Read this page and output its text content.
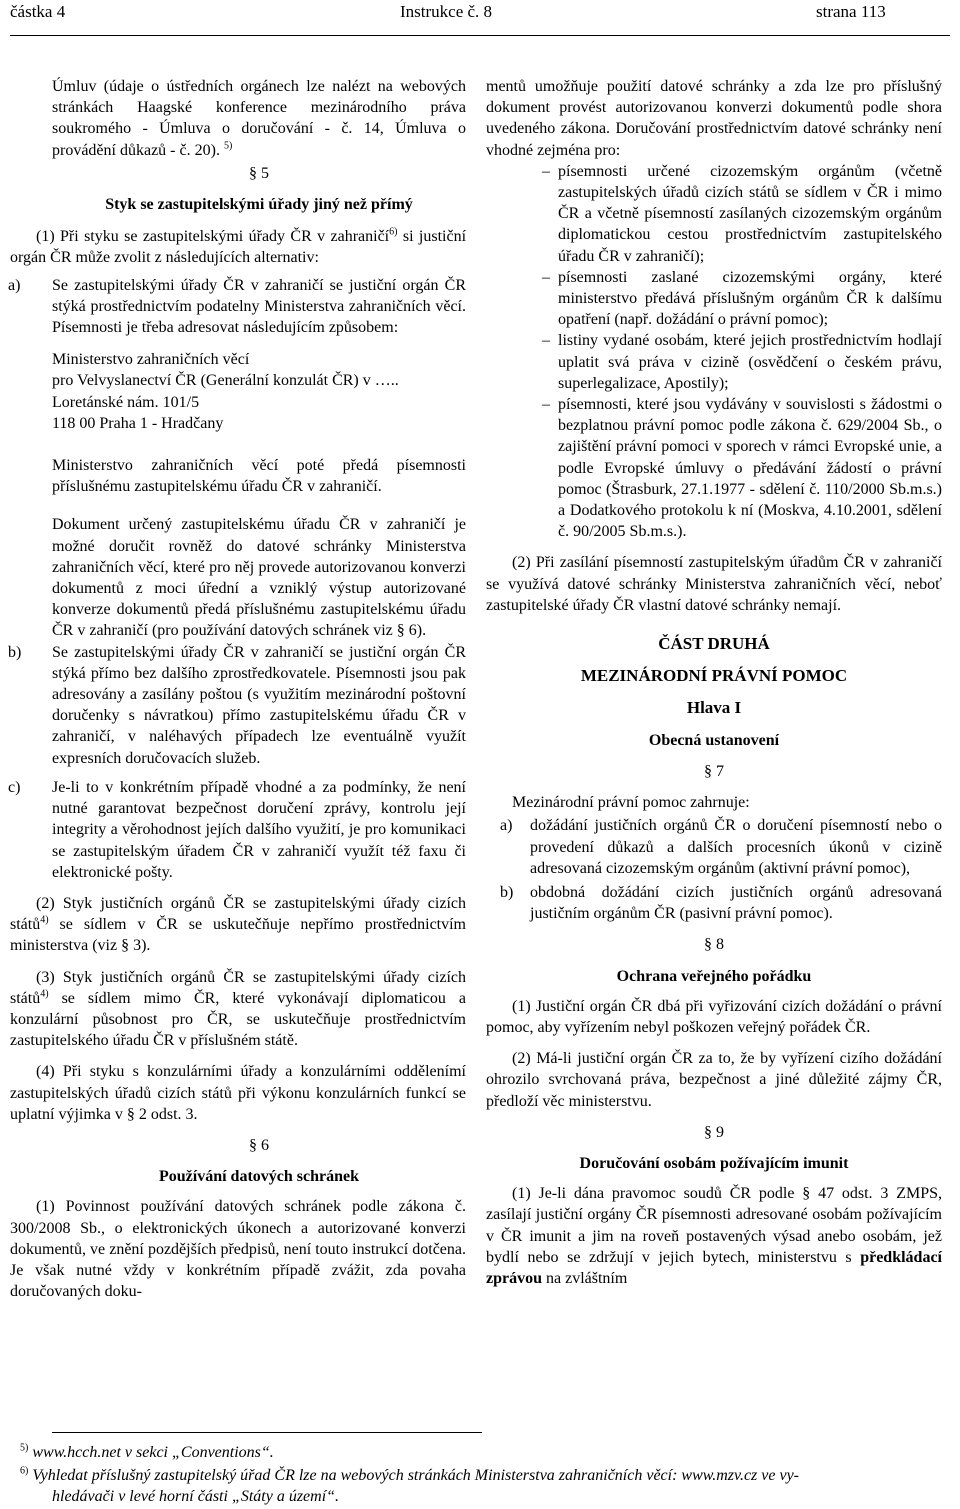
částka 4	Instrukce č. 8	strana 113

Úmluv (údaje o ústředních orgánech lze nalézt na webových stránkách Haagské konference mezinárodního práva soukromého - Úmluva o doručování - č. 14, Úmluva o provádění důkazů - č. 20). $^{5)}$

§ 5

Styk se zastupitelskými úřady jiný než přímý

(1) Při styku se zastupitelskými úřady ČR v zahraničí$^{6)}$ si justiční orgán ČR může zvolit z následujících alternativ:

a) Se zastupitelskými úřady ČR v zahraničí se justiční orgán ČR stýká prostřednictvím podatelny Ministerstva zahraničních věcí. Písemnosti je třeba adresovat následujícím způsobem:

Ministerstvo zahraničních věcí

pro Velvyslanectví ČR (Generální konzulát ČR) v …..

Loretánské nám. 101/5

118 00 Praha 1 - Hradčany

Ministerstvo zahraničních věcí poté předá písemnosti příslušnému zastupitelskému úřadu ČR v zahraničí.

Dokument určený zastupitelskému úřadu ČR v zahraničí je možné doručit rovněž do datové schránky Ministerstva zahraničních věcí, které pro něj provede autorizovanou konverzi dokumentů z moci úřední a vzniklý výstup autorizované konverze dokumentů předá příslušnému zastupitelskému úřadu ČR v zahraničí (pro používání datových schránek viz § 6).

b) Se zastupitelskými úřady ČR v zahraničí se justiční orgán ČR stýká přímo bez dalšího zprostředkovatele. Písemnosti jsou pak adresovány a zasílány poštou (s využitím mezinárodní poštovní doručenky s návratkou) přímo zastupitelskému úřadu ČR v zahraničí, v naléhavých případech lze eventuálně využít expresních doručovacích služeb.

c) Je-li to v konkrétním případě vhodné a za podmínky, že není nutné garantovat bezpečnost doručení zprávy, kontrolu její integrity a věrohodnost jejích dalšího využití, je pro komunikaci se zastupitelským úřadem ČR v zahraničí využít též faxu či elektronické pošty.

(2) Styk justičních orgánů ČR se zastupitelskými úřady cizích států$^{4)}$ se sídlem v ČR se uskutečňuje nepřímo prostřednictvím ministerstva (viz § 3).

(3) Styk justičních orgánů ČR se zastupitelskými úřady cizích států$^{4)}$ se sídlem mimo ČR, které vykonávají diplomaticou a konzulární působnost pro ČR, se uskutečňuje prostřednictvím zastupitelského úřadu ČR v příslušném státě.

(4) Při styku s konzulárními úřady a konzulárními oddělenímí zastupitelských úřadů cizích států při výkonu konzulárních funkcí se uplatní výjimka v § 2 odst. 3.

§ 6

Používání datových schránek

(1) Povinnost používání datových schránek podle zákona č. 300/2008 Sb., o elektronických úkonech a autorizované konverzi dokumentů, ve znění pozdějších předpisů, není touto instrukcí dotčena. Je však nutné vždy v konkrétním případě zvážit, zda povaha doručovaných doku-

mentů umožňuje použití datové schránky a zda lze pro příslušný dokument provést autorizovanou konverzi dokumentů podle shora uvedeného zákona. Doručování prostřednictvím datové schránky není vhodné zejména pro:

– písemnosti určené cizozemským orgánům (včetně zastupitelských úřadů cizích států se sídlem v ČR i mimo ČR a včetně písemností zasílaných cizozemským orgánům diplomatickou cestou prostřednictvím zastupitelského úřadu ČR v zahraničí);

– písemnosti zaslané cizozemskými orgány, které ministerstvo předává příslušným orgánům ČR k dalšímu opatření (např. dožádání o právní pomoc);

– listiny vydané osobám, které jejich prostřednictvím hodlají uplatit svá práva v cizině (osvědčení o českém právu, superlegalizace, Apostily);

– písemnosti, které jsou vydávány v souvislosti s žádostmi o bezplatnou právní pomoc podle zákona č. 629/2004 Sb., o zajištění právní pomoci v sporech v rámci Evropské unie, a podle Evropské úmluvy o předávání žádostí o právní pomoc (Štrasburk, 27.1.1977 - sdělení č. 110/2000 Sb.m.s.) a Dodatkového protokolu k ní (Moskva, 4.10.2001, sdělení č. 90/2005 Sb.m.s.).

(2) Při zasílání písemností zastupitelským úřadům ČR v zahraničí se využívá datové schránky Ministerstva zahraničních věcí, neboť zastupitelské úřady ČR vlastní datové schránky nemají.

ČÁST DRUHÁ

MEZINÁRODNÍ PRÁVNÍ POMOC

Hlava I

Obecná ustanovení

§ 7

Mezinárodní právní pomoc zahrnuje:

a) dožádání justičních orgánů ČR o doručení písemností nebo o provedení důkazů a dalších procesních úkonů v cizině adresovaná cizozemským orgánům (aktivní právní pomoc),

b) obdobná dožádání cizích justičních orgánů adresovaná justičním orgánům ČR (pasivní právní pomoc).

§ 8

Ochrana veřejného pořádku

(1) Justiční orgán ČR dbá při vyřizování cizích dožádání o právní pomoc, aby vyřízením nebyl poškozen veřejný pořádek ČR.

(2) Má-li justiční orgán ČR za to, že by vyřízení cizího dožádání ohrozilo svrchovaná práva, bezpečnost a jiné důležité zájmy ČR, předloží věc ministerstvu.

§ 9

Doručování osobám požívajícím imunit

(1) Je-li dána pravomoc soudů ČR podle § 47 odst. 3 ZMPS, zasílají justiční orgány ČR písemnosti adresované osobám požívajícím v ČR imunit a jim na roveň postavených výsad anebo osobám, jež bydlí nebo se zdržují v jejich bytech, ministerstvu s předkládací zprávou na zvláštním

$^{5)}$ www.hcch.net v sekci „Conventions“.
$^{6)}$ Vyhledat příslušný zastupitelský úřad ČR lze na webových stránkách Ministerstva zahraničních věcí: www.mzv.cz ve vy-
hledávači v levé horní části „Státy a území“.
